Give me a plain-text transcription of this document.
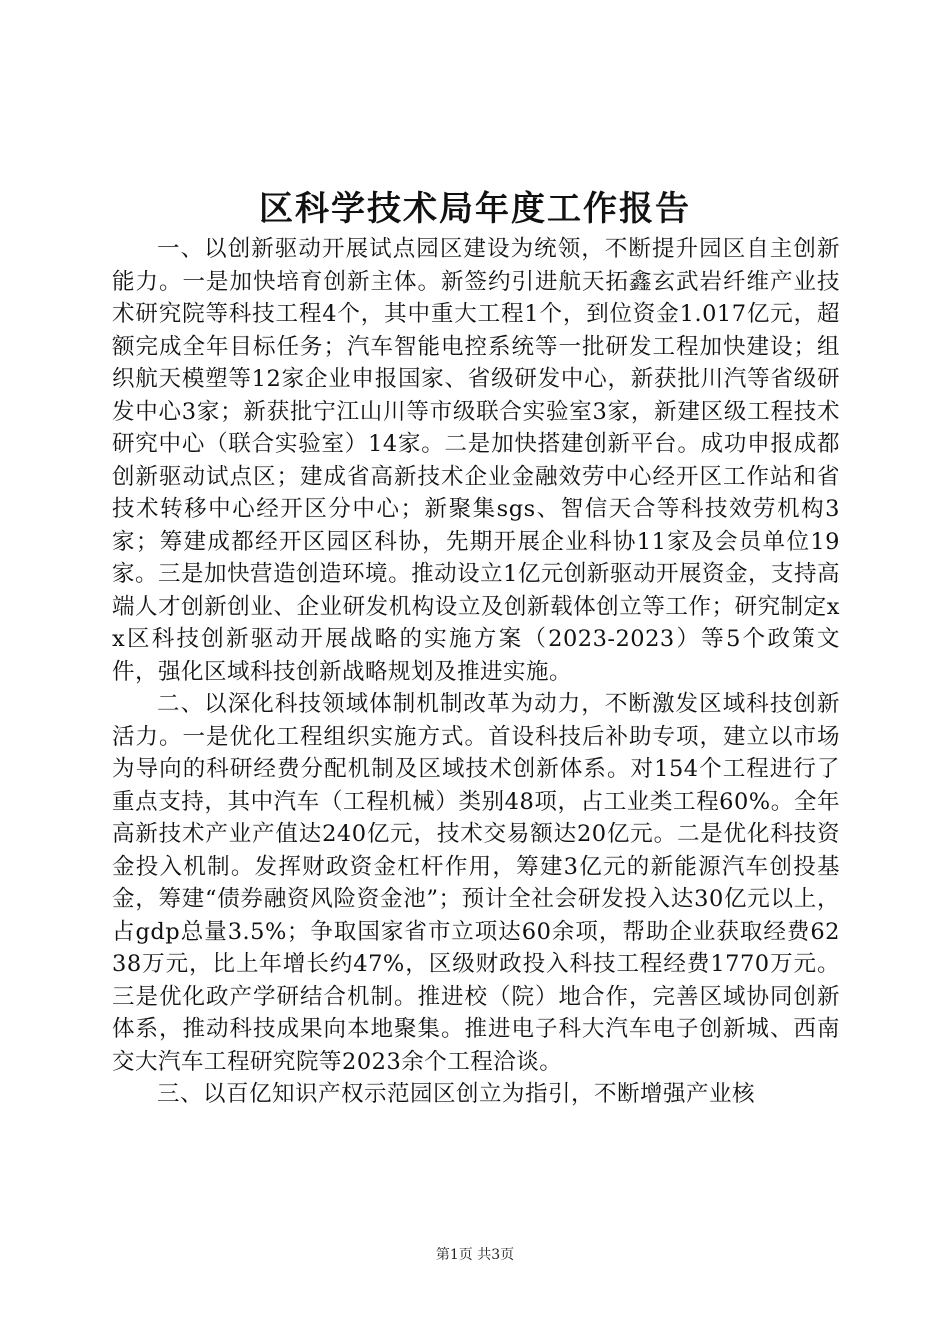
区科学技术局年度工作报告

一、以创新驱动开展试点园区建设为统领，不断提升园区自主创新能力。一是加快培育创新主体。新签约引进航天拓鑫玄武岩纤维产业技术研究院等科技工程4个，其中重大工程1个，到位资金1.017亿元，超额完成全年目标任务；汽车智能电控系统等一批研发工程加快建设；组织航天模塑等12家企业申报国家、省级研发中心，新获批川汽等省级研发中心3家；新获批宁江山川等市级联合实验室3家，新建区级工程技术研究中心（联合实验室）14家。二是加快搭建创新平台。成功申报成都创新驱动试点区；建成省高新技术企业金融效劳中心经开区工作站和省技术转移中心经开区分中心；新聚集sgs、智信天合等科技效劳机构3家；筹建成都经开区园区科协，先期开展企业科协11家及会员单位19家。三是加快营造创造环境。推动设立1亿元创新驱动开展资金，支持高端人才创新创业、企业研发机构设立及创新载体创立等工作；研究制定xx区科技创新驱动开展战略的实施方案（2023-2023）等5个政策文件，强化区域科技创新战略规划及推进实施。

二、以深化科技领域体制机制改革为动力，不断激发区域科技创新活力。一是优化工程组织实施方式。首设科技后补助专项，建立以市场为导向的科研经费分配机制及区域技术创新体系。对154个工程进行了重点支持，其中汽车（工程机械）类别48项，占工业类工程60%。全年高新技术产业产值达240亿元，技术交易额达20亿元。二是优化科技资金投入机制。发挥财政资金杠杆作用，筹建3亿元的新能源汽车创投基金，筹建“债券融资风险资金池”；预计全社会研发投入达30亿元以上，占gdp总量3.5%；争取国家省市立项达60余项，帮助企业获取经费6238万元，比上年增长约47%，区级财政投入科技工程经费1770万元。三是优化政产学研结合机制。推进校（院）地合作，完善区域协同创新体系，推动科技成果向本地聚集。推进电子科大汽车电子创新城、西南交大汽车工程研究院等2023余个工程洽谈。

三、以百亿知识产权示范园区创立为指引，不断增强产业核

第1页 共3页
